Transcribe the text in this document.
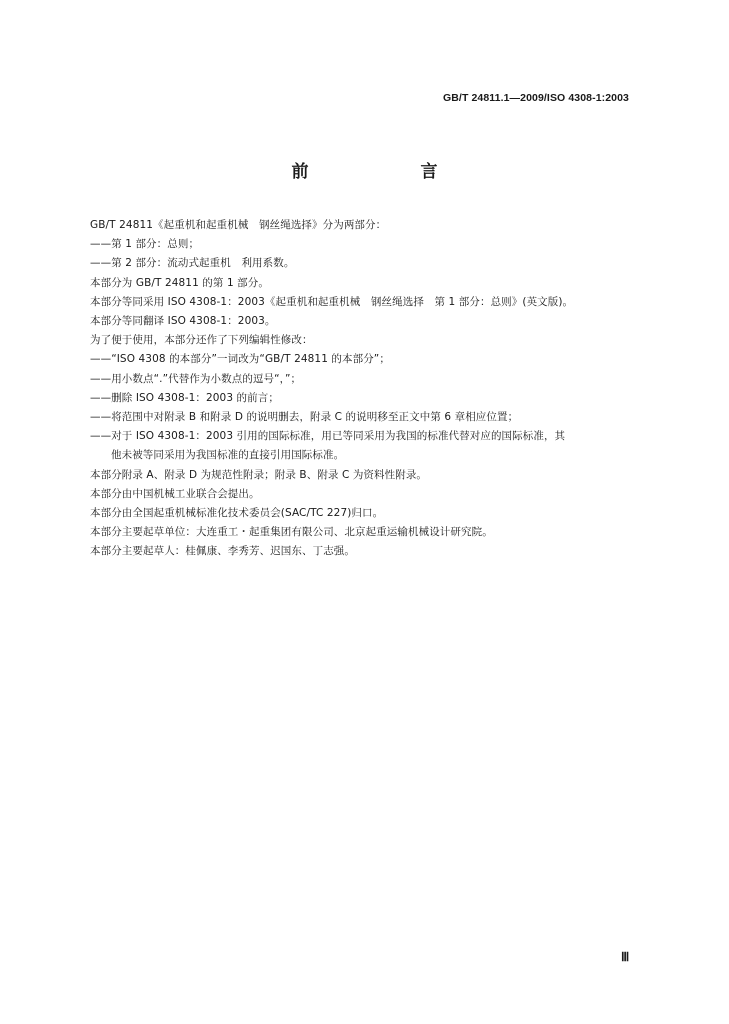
GB/T 24811.1—2009/ISO 4308-1:2003
前　　言

GB/T 24811《起重机和起重机械　钢丝绳选择》分为两部分：

——第 1 部分：总则；

——第 2 部分：流动式起重机　利用系数。

本部分为 GB/T 24811 的第 1 部分。

本部分等同采用 ISO 4308-1：2003《起重机和起重机械　钢丝绳选择　第 1 部分：总则》(英文版)。

本部分等同翻译 ISO 4308-1：2003。

为了便于使用，本部分还作了下列编辑性修改：

——“ISO 4308 的本部分”一词改为“GB/T 24811 的本部分”；

——用小数点“.”代替作为小数点的逗号“，”；

——删除 ISO 4308-1：2003 的前言；

——将范围中对附录 B 和附录 D 的说明删去，附录 C 的说明移至正文中第 6 章相应位置；

——对于 ISO 4308-1：2003 引用的国际标准，用已等同采用为我国的标准代替对应的国际标准，其

他未被等同采用为我国标准的直接引用国际标准。

本部分附录 A、附录 D 为规范性附录；附录 B、附录 C 为资料性附录。

本部分由中国机械工业联合会提出。

本部分由全国起重机械标准化技术委员会(SAC/TC 227)归口。

本部分主要起草单位：大连重工・起重集团有限公司、北京起重运输机械设计研究院。

本部分主要起草人：桂佩康、李秀芳、迟国东、丁志强。

Ⅲ
